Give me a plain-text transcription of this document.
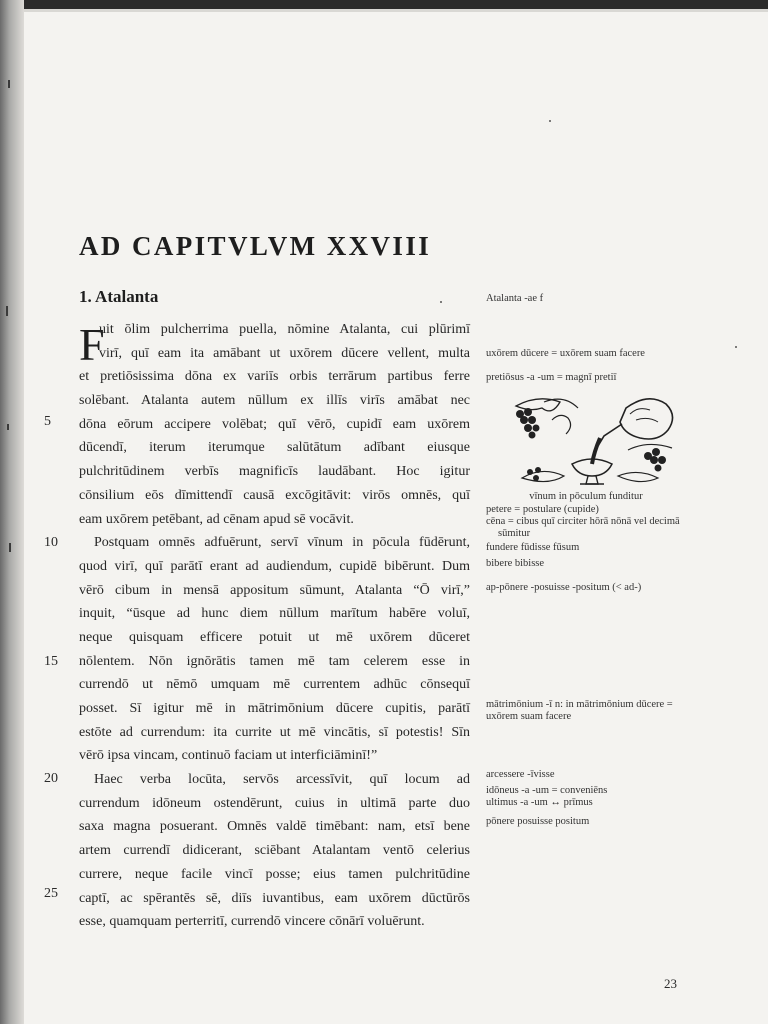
AD CAPITVLVM XXVIII
1. Atalanta
F
uit ōlim pulcherrima puella, nōmine Atalanta, cui plūrimī
virī, quī eam ita amābant ut uxōrem dūcere vellent, multa
et pretiōsissima dōna ex variīs orbis terrārum partibus ferre
solēbant. Atalanta autem nūllum ex illīs virīs amābat nec
dōna eōrum accipere volēbat; quī vērō, cupidī eam uxōrem
dūcendī, iterum iterumque salūtātum adībant eiusque
pulchritūdinem verbīs magnificīs laudābant. Hoc igitur
cōnsilium eōs dīmittendī causā excōgitāvit: virōs omnēs, quī
eam uxōrem petēbant, ad cēnam apud sē vocāvit.
Postquam omnēs adfuērunt, servī vīnum in pōcula fūdērunt,
quod virī, quī parātī erant ad audiendum, cupidē bibērunt. Dum
vērō cibum in mensā appositum sūmunt, Atalanta “Ō virī,”
inquit, “ūsque ad hunc diem nūllum marītum habēre voluī,
neque quisquam efficere potuit ut mē uxōrem dūceret
nōlentem. Nōn ignōrātis tamen mē tam celerem esse in
currendō ut nēmō umquam mē currentem adhūc cōnsequī
posset. Sī igitur mē in mātrimōnium dūcere cupitis, parātī
estōte ad currendum: ita currite ut mē vincātis, sī potestis! Sīn
vērō ipsa vincam, continuō faciam ut interficiāminī!”
Haec verba locūta, servōs arcessīvit, quī locum ad
currendum idōneum ostendērunt, cuius in ultimā parte duo
saxa magna posuerant. Omnēs valdē timēbant: nam, etsī bene
artem currendī didicerant, sciēbant Atalantam ventō celerius
currere, neque facile vincī posse; eius tamen pulchritūdine
captī, ac spērantēs sē, diīs iuvantibus, eam uxōrem dūctūrōs
esse, quamquam perterritī, currendō vincere cōnārī voluērunt.
5
10
15
20
25
Atalanta -ae f
uxōrem dūcere = uxōrem suam facere
pretiōsus -a -um = magnī pretiī
vīnum in pōculum funditur
petere = postulare (cupide)
cēna = cibus quī circiter hōrā nōnā vel decimā
sūmitur
fundere fūdisse fūsum
bibere bibisse
ap-pōnere -posuisse -positum (< ad-)
mātrimōnium -ī n: in mātrimōnium dūcere =
uxōrem suam facere
arcessere -īvisse
idōneus -a -um = conveniēns
ultimus -a -um ↔ prīmus
pōnere posuisse positum
23
